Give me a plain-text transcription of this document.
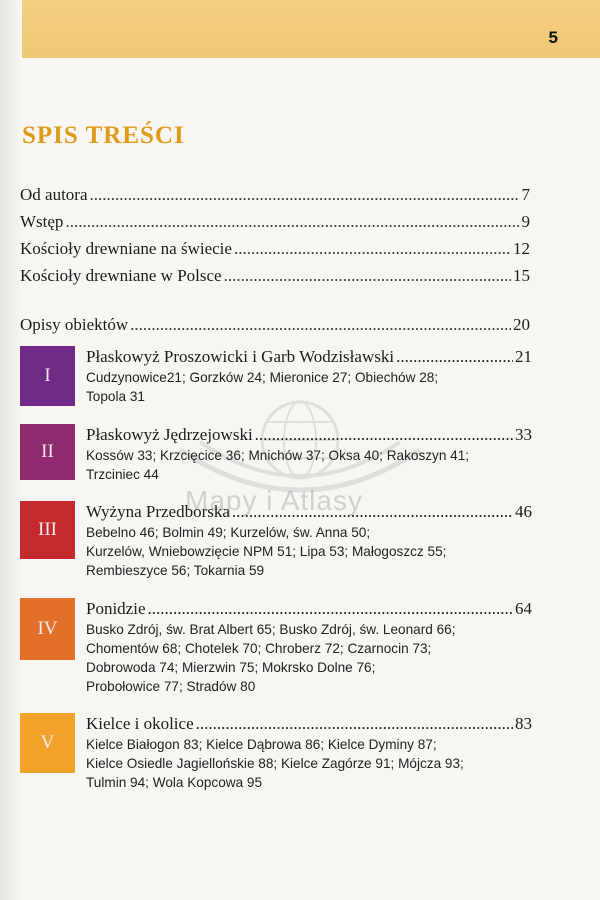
5
SPIS TREŚCI
Od autora .....	7
Wstęp .....	9
Kościoły drewniane na świecie .....	12
Kościoły drewniane w Polsce .....	15
Opisy obiektów .....	20
Mapy i Atlasy
I
Płaskowyż Proszowicki i Garb Wodzisławski .....	21
Cudzynowice21; Gorzków 24; Mieronice 27; Obiechów 28;
Topola 31
II
Płaskowyż Jędrzejowski .....	33
Kossów 33; Krzcięcice 36; Mnichów 37; Oksa 40; Rakoszyn 41;
Trzciniec 44
III
Wyżyna Przedborska .....	46
Bebelno 46; Bolmin 49; Kurzelów, św. Anna 50;
Kurzelów, Wniebowzięcie NPM 51; Lipa 53; Małogoszcz 55;
Rembieszyce 56; Tokarnia 59
IV
Ponidzie .....	64
Busko Zdrój, św. Brat Albert 65; Busko Zdrój, św. Leonard 66;
Chomentów 68; Chotelek 70; Chroberz 72; Czarnocin 73;
Dobrowoda 74; Mierzwin 75; Mokrsko Dolne 76;
Probołowice 77; Stradów 80
V
Kielce i okolice .....	83
Kielce Białogon 83; Kielce Dąbrowa 86; Kielce Dyminy 87;
Kielce Osiedle Jagiellońskie 88; Kielce Zagórze 91; Mójcza 93;
Tulmin 94; Wola Kopcowa 95
